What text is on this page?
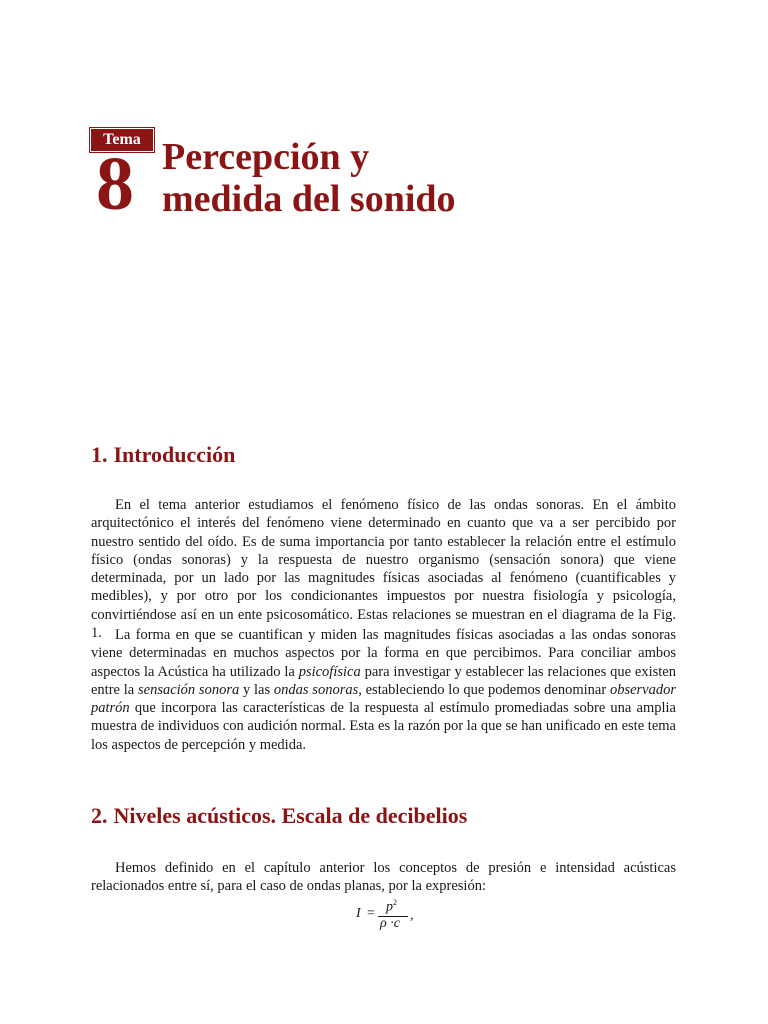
Tema
8 Percepción y
medida del sonido
1. Introducción

En el tema anterior estudiamos el fenómeno físico de las ondas sonoras. En el ámbito arquitectónico el interés del fenómeno viene determinado en cuanto que va a ser percibido por nuestro sentido del oído. Es de suma importancia por tanto establecer la relación entre el estímulo físico (ondas sonoras) y la respuesta de nuestro organismo (sensación sonora) que viene determinada, por un lado por las magnitudes físicas asociadas al fenómeno (cuantificables y medibles), y por otro por los condicionantes impuestos por nuestra fisiología y psicología, convirtiéndose así en un ente psicosomático. Estas relaciones se muestran en el diagrama de la Fig. 1. La forma en que se cuantifican y miden las magnitudes físicas asociadas a las ondas sonoras viene determinadas en muchos aspectos por la forma en que percibimos. Para conciliar ambos aspectos la Acústica ha utilizado la psicofísica para investigar y establecer las relaciones que existen entre la sensación sonora y las ondas sonoras, estableciendo lo que podemos denominar observador patrón que incorpora las características de la respuesta al estímulo promediadas sobre una amplia muestra de individuos con audición normal. Esta es la razón por la que se han unificado en este tema los aspectos de percepción y medida.

2. Niveles acústicos. Escala de decibelios

Hemos definido en el capítulo anterior los conceptos de presión e intensidad acústicas relacionados entre sí, para el caso de ondas planas, por la expresión:

$I = p^2$
ρ ·c
,
